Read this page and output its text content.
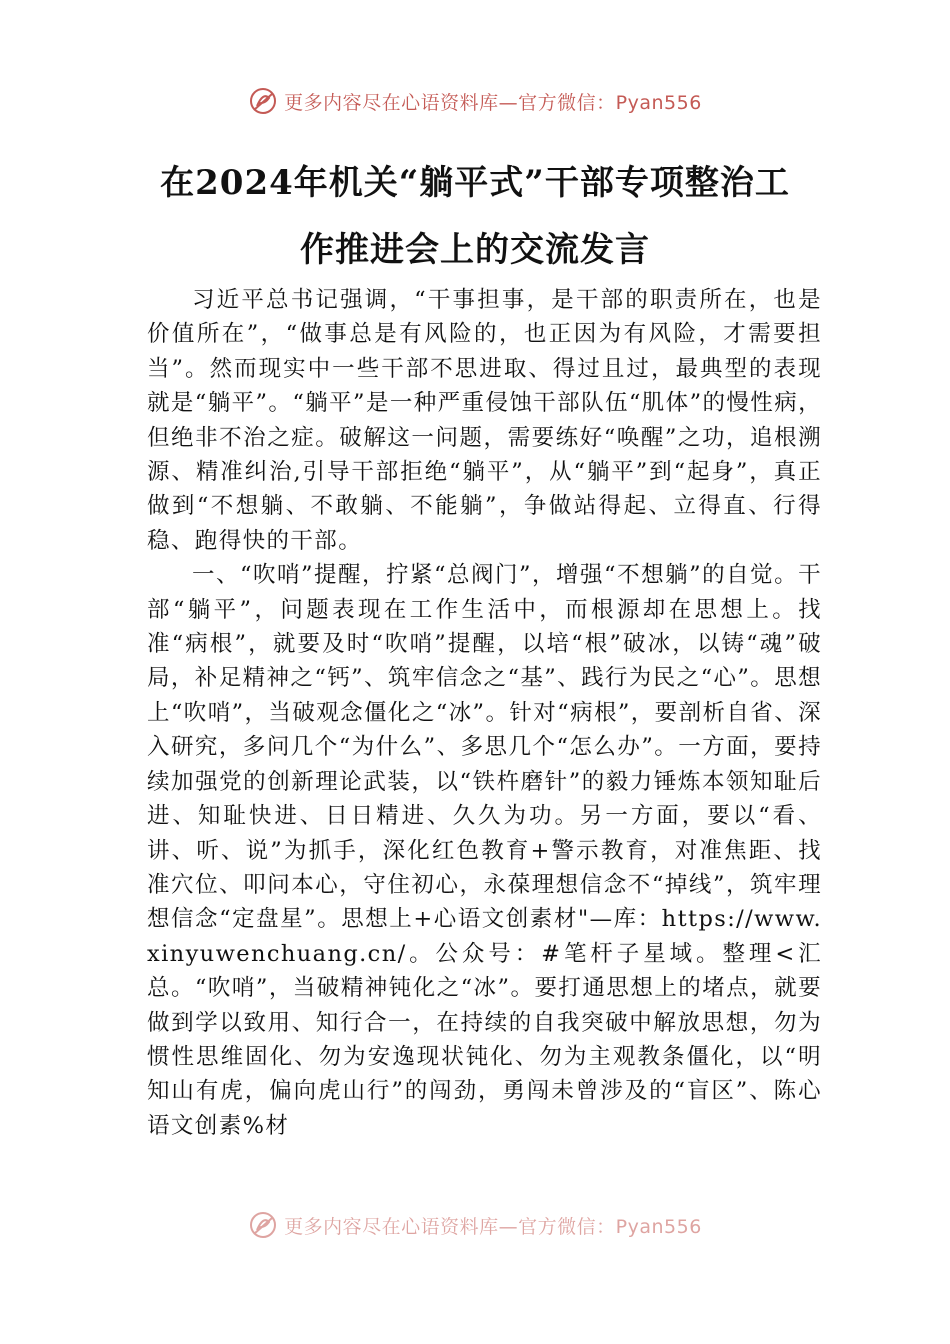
更多内容尽在心语资料库—官方微信：Pyan556
在2024年机关“躺平式”干部专项整治工
作推进会上的交流发言

习近平总书记强调，“干事担事，是干部的职责所在，也是价值所在”，“做事总是有风险的，也正因为有风险，才需要担当”。然而现实中一些干部不思进取、得过且过，最典型的表现就是“躺平”。“躺平”是一种严重侵蚀干部队伍“肌体”的慢性病，但绝非不治之症。破解这一问题，需要练好“唤醒”之功，追根溯源、精准纠治,引导干部拒绝“躺平”，从“躺平”到“起身”，真正做到“不想躺、不敢躺、不能躺”，争做站得起、立得直、行得稳、跑得快的干部。

一、“吹哨”提醒，拧紧“总阀门”，增强“不想躺”的自觉。干部“躺平”，问题表现在工作生活中，而根源却在思想上。找准“病根”，就要及时“吹哨”提醒，以培“根”破冰，以铸“魂”破局，补足精神之“钙”、筑牢信念之“基”、践行为民之“心”。思想上“吹哨”，当破观念僵化之“冰”。针对“病根”，要剖析自省、深入研究，多问几个“为什么”、多思几个“怎么办”。一方面，要持续加强党的创新理论武装，以“铁杵磨针”的毅力锤炼本领知耻后进、知耻快进、日日精进、久久为功。另一方面，要以“看、讲、听、说”为抓手，深化红色教育+警示教育，对准焦距、找准穴位、叩问本心，守住初心，永葆理想信念不“掉线”，筑牢理想信念“定盘星”。思想上+心语文创素材"—库：https://www.xinyuwenchuang.cn/。公众号：#笔杆子星域。整理<汇总。“吹哨”，当破精神钝化之“冰”。要打通思想上的堵点，就要做到学以致用、知行合一，在持续的自我突破中解放思想，勿为惯性思维固化、勿为安逸现状钝化、勿为主观教条僵化，以“明知山有虎，偏向虎山行”的闯劲，勇闯未曾涉及的“盲区”、陈心语文创素%材

更多内容尽在心语资料库—官方微信：Pyan556
